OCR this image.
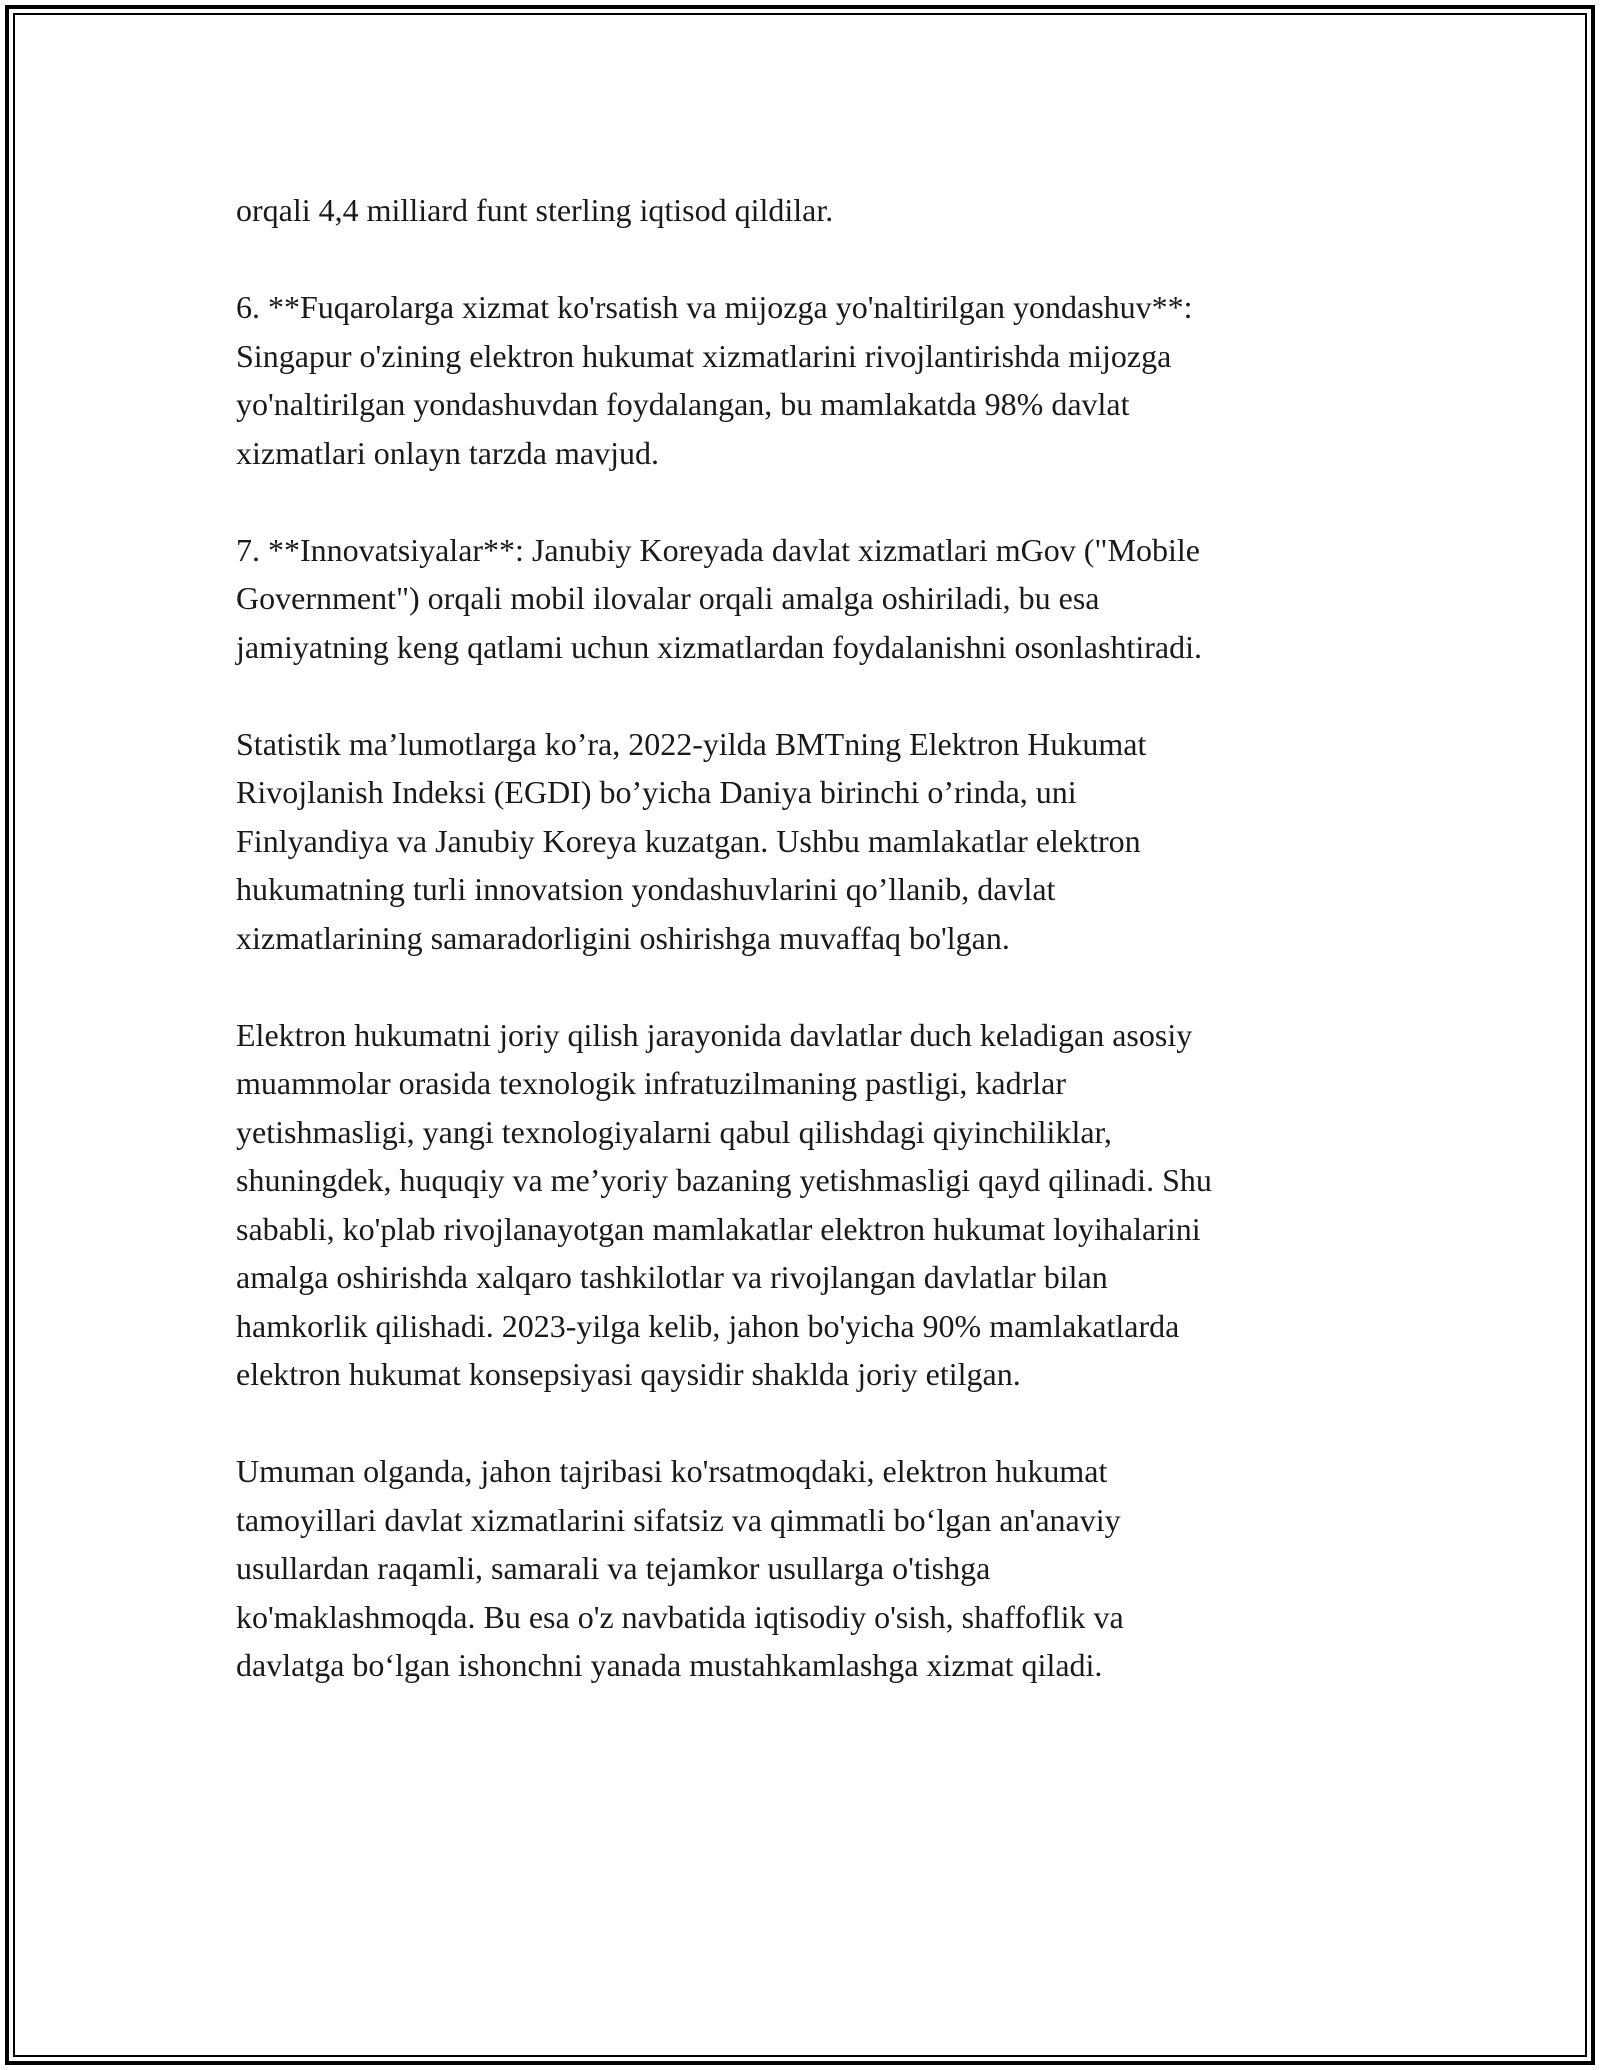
orqali 4,4 milliard funt sterling iqtisod qildilar.

6. **Fuqarolarga xizmat ko'rsatish va mijozga yo'naltirilgan yondashuv**:
Singapur o'zining elektron hukumat xizmatlarini rivojlantirishda mijozga
yo'naltirilgan yondashuvdan foydalangan, bu mamlakatda 98% davlat
xizmatlari onlayn tarzda mavjud.

7. **Innovatsiyalar**: Janubiy Koreyada davlat xizmatlari mGov ("Mobile
Government") orqali mobil ilovalar orqali amalga oshiriladi, bu esa
jamiyatning keng qatlami uchun xizmatlardan foydalanishni osonlashtiradi.

Statistik ma’lumotlarga ko’ra, 2022-yilda BMTning Elektron Hukumat
Rivojlanish Indeksi (EGDI) bo’yicha Daniya birinchi o’rinda, uni
Finlyandiya va Janubiy Koreya kuzatgan. Ushbu mamlakatlar elektron
hukumatning turli innovatsion yondashuvlarini qo’llanib, davlat
xizmatlarining samaradorligini oshirishga muvaffaq bo'lgan.

Elektron hukumatni joriy qilish jarayonida davlatlar duch keladigan asosiy
muammolar orasida texnologik infratuzilmaning pastligi, kadrlar
yetishmasligi, yangi texnologiyalarni qabul qilishdagi qiyinchiliklar,
shuningdek, huquqiy va me’yoriy bazaning yetishmasligi qayd qilinadi. Shu
sababli, ko'plab rivojlanayotgan mamlakatlar elektron hukumat loyihalarini
amalga oshirishda xalqaro tashkilotlar va rivojlangan davlatlar bilan
hamkorlik qilishadi. 2023-yilga kelib, jahon bo'yicha 90% mamlakatlarda
elektron hukumat konsepsiyasi qaysidir shaklda joriy etilgan.

Umuman olganda, jahon tajribasi ko'rsatmoqdaki, elektron hukumat
tamoyillari davlat xizmatlarini sifatsiz va qimmatli bo‘lgan an'anaviy
usullardan raqamli, samarali va tejamkor usullarga o'tishga
ko'maklashmoqda. Bu esa o'z navbatida iqtisodiy o'sish, shaffoflik va
davlatga bo‘lgan ishonchni yanada mustahkamlashga xizmat qiladi.
